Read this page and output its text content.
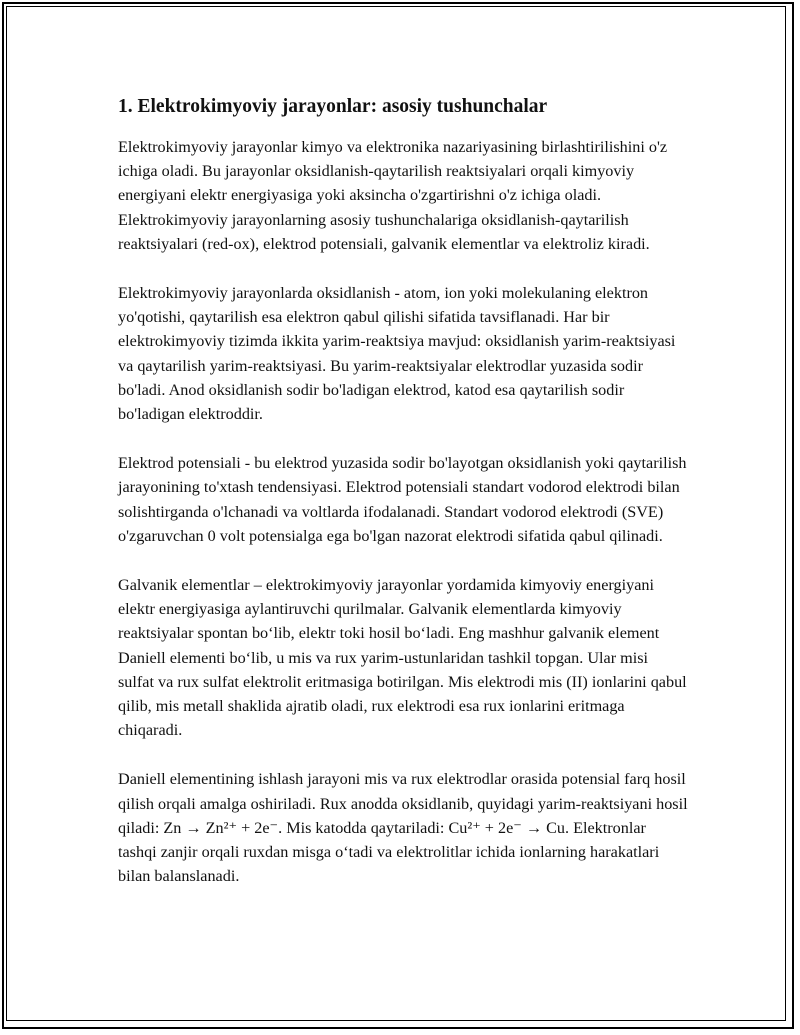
1. Elektrokimyoviy jarayonlar: asosiy tushunchalar

Elektrokimyoviy jarayonlar kimyo va elektronika nazariyasining birlashtirilishini o'z ichiga oladi. Bu jarayonlar oksidlanish-qaytarilish reaktsiyalari orqali kimyoviy energiyani elektr energiyasiga yoki aksincha o'zgartirishni o'z ichiga oladi. Elektrokimyoviy jarayonlarning asosiy tushunchalariga oksidlanish-qaytarilish reaktsiyalari (red-ox), elektrod potensiali, galvanik elementlar va elektroliz kiradi.

Elektrokimyoviy jarayonlarda oksidlanish - atom, ion yoki molekulaning elektron yo'qotishi, qaytarilish esa elektron qabul qilishi sifatida tavsiflanadi. Har bir elektrokimyoviy tizimda ikkita yarim-reaktsiya mavjud: oksidlanish yarim-reaktsiyasi va qaytarilish yarim-reaktsiyasi. Bu yarim-reaktsiyalar elektrodlar yuzasida sodir bo'ladi. Anod oksidlanish sodir bo'ladigan elektrod, katod esa qaytarilish sodir bo'ladigan elektroddir.

Elektrod potensiali - bu elektrod yuzasida sodir bo'layotgan oksidlanish yoki qaytarilish jarayonining to'xtash tendensiyasi. Elektrod potensiali standart vodorod elektrodi bilan solishtirganda o'lchanadi va voltlarda ifodalanadi. Standart vodorod elektrodi (SVE) o'zgaruvchan 0 volt potensialga ega bo'lgan nazorat elektrodi sifatida qabul qilinadi.

Galvanik elementlar – elektrokimyoviy jarayonlar yordamida kimyoviy energiyani elektr energiyasiga aylantiruvchi qurilmalar. Galvanik elementlarda kimyoviy reaktsiyalar spontan bo‘lib, elektr toki hosil bo‘ladi. Eng mashhur galvanik element Daniell elementi bo‘lib, u mis va rux yarim-ustunlaridan tashkil topgan. Ular misi sulfat va rux sulfat elektrolit eritmasiga botirilgan. Mis elektrodi mis (II) ionlarini qabul qilib, mis metall shaklida ajratib oladi, rux elektrodi esa rux ionlarini eritmaga chiqaradi.

Daniell elementining ishlash jarayoni mis va rux elektrodlar orasida potensial farq hosil qilish orqali amalga oshiriladi. Rux anodda oksidlanib, quyidagi yarim-reaktsiyani hosil qiladi: Zn → Zn²⁺ + 2e⁻. Mis katodda qaytariladi: Cu²⁺ + 2e⁻ → Cu. Elektronlar tashqi zanjir orqali ruxdan misga o‘tadi va elektrolitlar ichida ionlarning harakatlari bilan balanslanadi.
